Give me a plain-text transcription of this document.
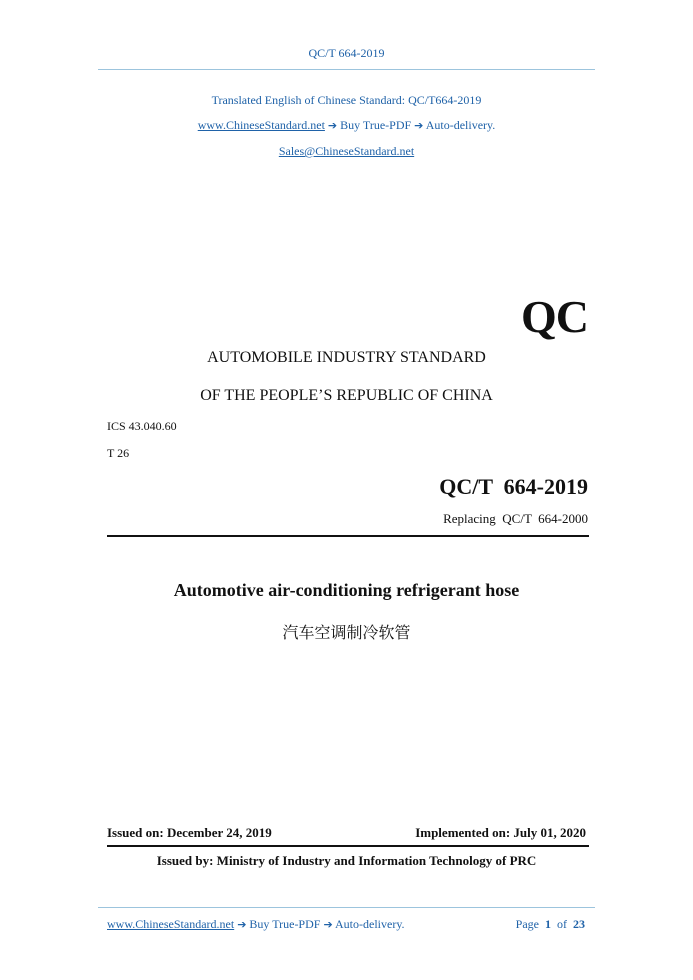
QC/T 664-2019
Translated English of Chinese Standard: QC/T664-2019
www.ChineseStandard.net ➔ Buy True-PDF ➔ Auto-delivery.
Sales@ChineseStandard.net
QC
AUTOMOBILE INDUSTRY STANDARD
OF THE PEOPLE’S REPUBLIC OF CHINA
ICS 43.040.60
T 26
QC/T  664-2019
Replacing  QC/T  664-2000
Automotive air-conditioning refrigerant hose
汽车空调制冷软管
Issued on: December 24, 2019	Implemented on: July 01, 2020
Issued by: Ministry of Industry and Information Technology of PRC
www.ChineseStandard.net ➔ Buy True-PDF ➔ Auto-delivery.	Page 1 of 23
